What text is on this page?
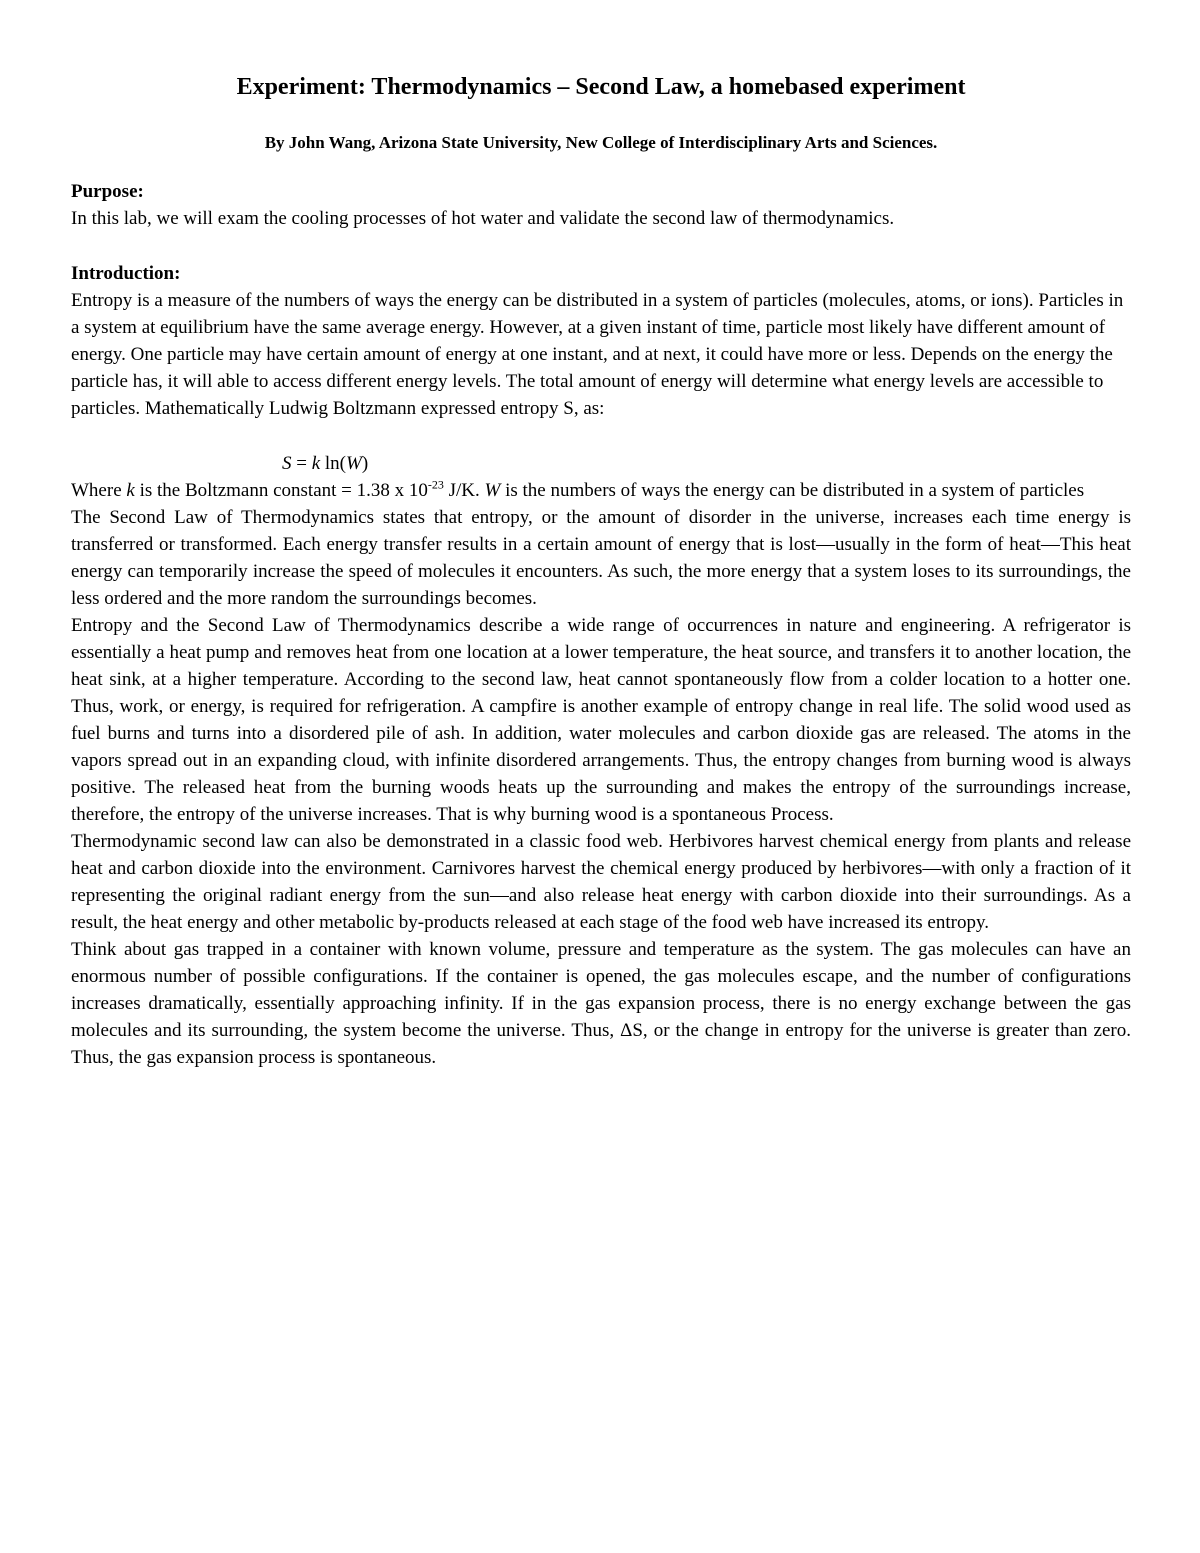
Experiment: Thermodynamics – Second Law, a homebased experiment
By John Wang, Arizona State University, New College of Interdisciplinary Arts and Sciences.
Purpose:

In this lab, we will exam the cooling processes of hot water and validate the second law of thermodynamics.

Introduction:

Entropy is a measure of the numbers of ways the energy can be distributed in a system of particles (molecules, atoms, or ions). Particles in a system at equilibrium have the same average energy. However, at a given instant of time, particle most likely have different amount of energy. One particle may have certain amount of energy at one instant, and at next, it could have more or less. Depends on the energy the particle has, it will able to access different energy levels. The total amount of energy will determine what energy levels are accessible to particles. Mathematically Ludwig Boltzmann expressed entropy S, as:

S = k ln(W)

Where k is the Boltzmann constant = 1.38 x $10^{-23}$ J/K. W is the numbers of ways the energy can be distributed in a system of particles

The Second Law of Thermodynamics states that entropy, or the amount of disorder in the universe, increases each time energy is transferred or transformed. Each energy transfer results in a certain amount of energy that is lost—usually in the form of heat—This heat energy can temporarily increase the speed of molecules it encounters. As such, the more energy that a system loses to its surroundings, the less ordered and the more random the surroundings becomes.

Entropy and the Second Law of Thermodynamics describe a wide range of occurrences in nature and engineering. A refrigerator is essentially a heat pump and removes heat from one location at a lower temperature, the heat source, and transfers it to another location, the heat sink, at a higher temperature. According to the second law, heat cannot spontaneously flow from a colder location to a hotter one. Thus, work, or energy, is required for refrigeration. A campfire is another example of entropy change in real life. The solid wood used as fuel burns and turns into a disordered pile of ash. In addition, water molecules and carbon dioxide gas are released. The atoms in the vapors spread out in an expanding cloud, with infinite disordered arrangements. Thus, the entropy changes from burning wood is always positive. The released heat from the burning woods heats up the surrounding and makes the entropy of the surroundings increase, therefore, the entropy of the universe increases. That is why burning wood is a spontaneous Process.

Thermodynamic second law can also be demonstrated in a classic food web. Herbivores harvest chemical energy from plants and release heat and carbon dioxide into the environment. Carnivores harvest the chemical energy produced by herbivores—with only a fraction of it representing the original radiant energy from the sun—and also release heat energy with carbon dioxide into their surroundings. As a result, the heat energy and other metabolic by-products released at each stage of the food web have increased its entropy.

Think about gas trapped in a container with known volume, pressure and temperature as the system. The gas molecules can have an enormous number of possible configurations. If the container is opened, the gas molecules escape, and the number of configurations increases dramatically, essentially approaching infinity. If in the gas expansion process, there is no energy exchange between the gas molecules and its surrounding, the system become the universe. Thus, ΔS, or the change in entropy for the universe is greater than zero. Thus, the gas expansion process is spontaneous.
